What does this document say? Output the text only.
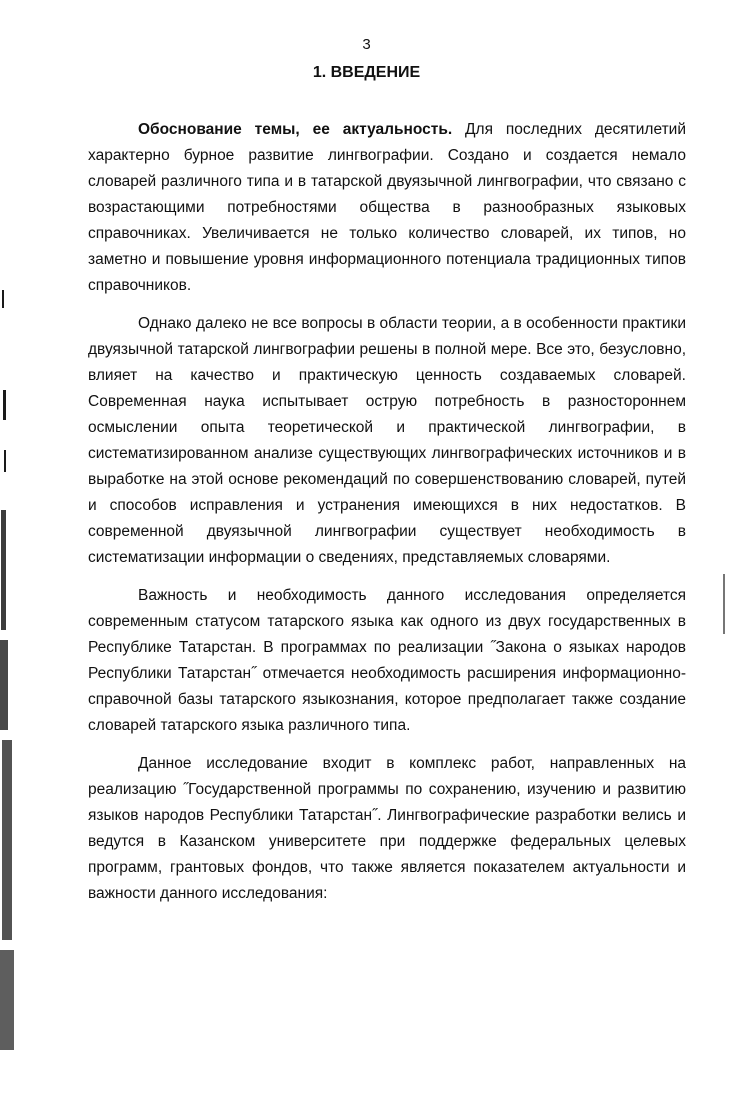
3
1. ВВЕДЕНИЕ

Обоснование темы, ее актуальность. Для последних десятилетий характерно бурное развитие лингвографии. Создано и создается немало словарей различного типа и в татарской двуязычной лингвографии, что связано с возрастающими потребностями общества в разнообразных языковых справочниках. Увеличивается не только количество словарей, их типов, но заметно и повышение уровня информационного потенциала традиционных типов справочников.

Однако далеко не все вопросы в области теории, а в особенности практики двуязычной татарской лингвографии решены в полной мере. Все это, безусловно, влияет на качество и практическую ценность создаваемых словарей. Современная наука испытывает острую потребность в разностороннем осмыслении опыта теоретической и практической лингвографии, в систематизированном анализе существующих лингвографических источников и в выработке на этой основе рекомендаций по совершенствованию словарей, путей и способов исправления и устранения имеющихся в них недостатков. В современной двуязычной лингвографии существует необходимость в систематизации информации о сведениях, представляемых словарями.

Важность и необходимость данного исследования определяется современным статусом татарского языка как одного из двух государственных в Республике Татарстан. В программах по реализации ˝Закона о языках народов Республики Татарстан˝ отмечается необходимость расширения информационно-справочной базы татарского языкознания, которое предполагает также создание словарей татарского языка различного типа.

Данное исследование входит в комплекс работ, направленных на реализацию ˝Государственной программы по сохранению, изучению и развитию языков народов Республики Татарстан˝. Лингвографические разработки велись и ведутся в Казанском университете при поддержке федеральных целевых программ, грантовых фондов, что также является показателем актуальности и важности данного исследования:
